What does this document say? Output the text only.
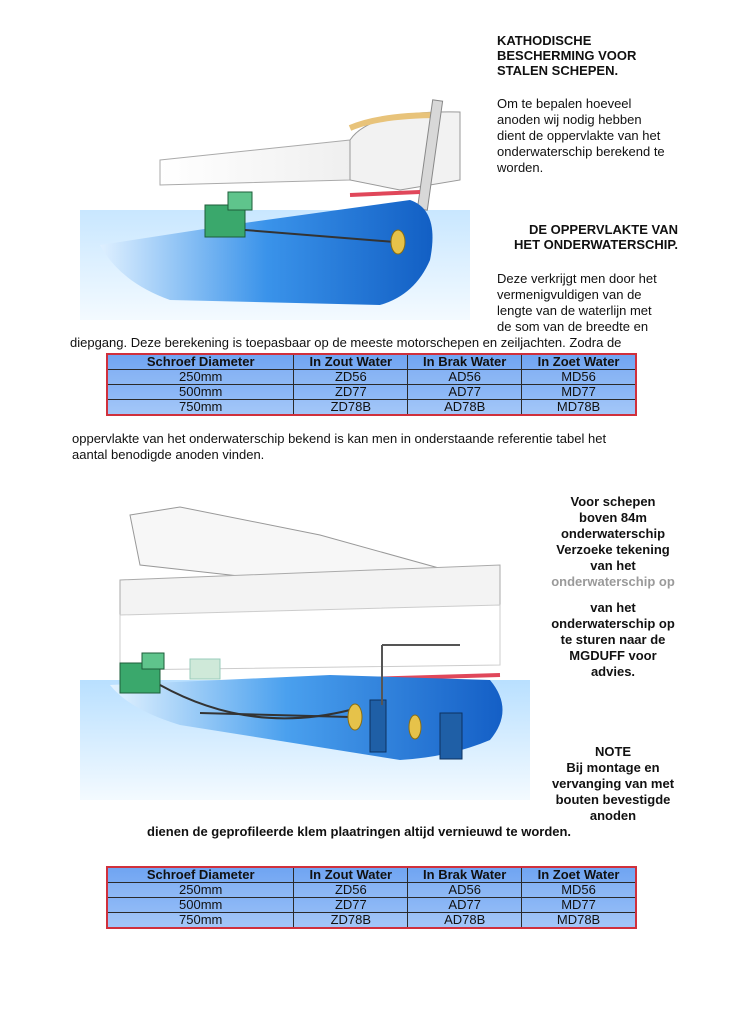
KATHODISCHE
BESCHERMING VOOR
STALEN SCHEPEN.
Om te bepalen hoeveel
anoden wij nodig hebben
dient de oppervlakte van het
onderwaterschip berekend te
worden.
DE OPPERVLAKTE VAN
HET ONDERWATERSCHIP.
Deze verkrijgt men door het
vermenigvuldigen van de
lengte van de waterlijn met
de som van de breedte en
diepgang. Deze berekening is toepasbaar op de meeste motorschepen en zeiljachten. Zodra de
Schroef Diameter	In Zout Water	In Brak Water	In Zoet Water
250mm	ZD56	AD56	MD56
500mm	ZD77	AD77	MD77
750mm	ZD78B	AD78B	MD78B
oppervlakte van het onderwaterschip bekend is kan men in onderstaande referentie tabel het
aantal benodigde anoden vinden.
Voor schepen
boven 84m
onderwaterschip
Verzoeke tekening
van het
onderwaterschip op
van het
onderwaterschip op
te sturen naar de
MGDUFF voor
advies.
NOTE
Bij montage en
vervanging van met
bouten bevestigde
anoden
dienen de geprofileerde klem plaatringen altijd vernieuwd te worden.
Schroef Diameter	In Zout Water	In Brak Water	In Zoet Water
250mm	ZD56	AD56	MD56
500mm	ZD77	AD77	MD77
750mm	ZD78B	AD78B	MD78B
